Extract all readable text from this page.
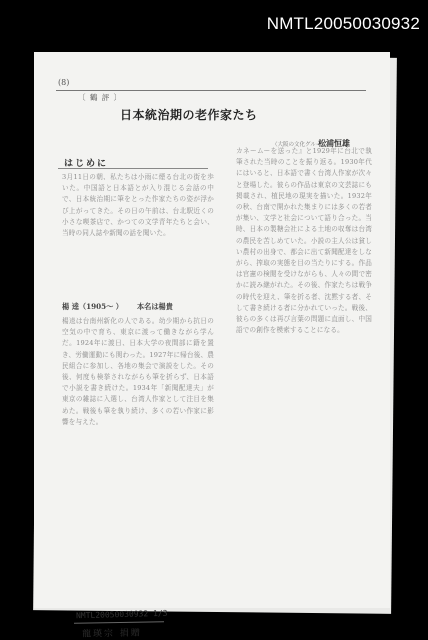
NMTL20050030932
(8)
〔 鶴 評 〕
日本統治期の老作家たち
（大阪の文化グループ）
松浦恒雄
はじめに
3月11日の朝、私たちは小雨に煙る台北の街を歩いた。中国語と日本語とが入り混じる会話の中で、日本統治期に筆をとった作家たちの姿が浮かび上がってきた。その日の午前は、台北駅近くの小さな喫茶店で、かつての文学青年たちと会い、当時の同人誌や新聞の話を聞いた。
楊 逵（1905〜 ） 本名は楊貴
楊逵は台南州新化の人である。幼少期から抗日の空気の中で育ち、東京に渡って働きながら学んだ。1924年に渡日、日本大学の夜間部に籍を置き、労働運動にも関わった。1927年に帰台後、農民組合に参加し、各地の集会で演説をした。その後、何度も検挙されながらも筆を折らず、日本語で小説を書き続けた。1934年「新聞配達夫」が東京の雑誌に入選し、台湾人作家として注目を集めた。戦後も筆を執り続け、多くの若い作家に影響を与えた。
カネームーを送った』と1929年に台北で執筆された当時のことを振り返る。1930年代にはいると、日本語で書く台湾人作家が次々と登場した。彼らの作品は東京の文芸誌にも掲載され、植民地の現実を描いた。1932年の秋、台南で開かれた集まりには多くの若者が集い、文学と社会について語り合った。当時、日本の製糖会社による土地の収奪は台湾の農民を苦しめていた。小説の主人公は貧しい農村の出身で、都会に出て新聞配達をしながら、搾取の実態を目の当たりにする。作品は官憲の検閲を受けながらも、人々の間で密かに読み継がれた。その後、作家たちは戦争の時代を迎え、筆を折る者、沈黙する者、そして書き続ける者に分かれていった。戦後、彼らの多くは再び言葉の問題に直面し、中国語での創作を模索することになる。
NMTL20050030932 1/3
龍瑛宗 捐贈
